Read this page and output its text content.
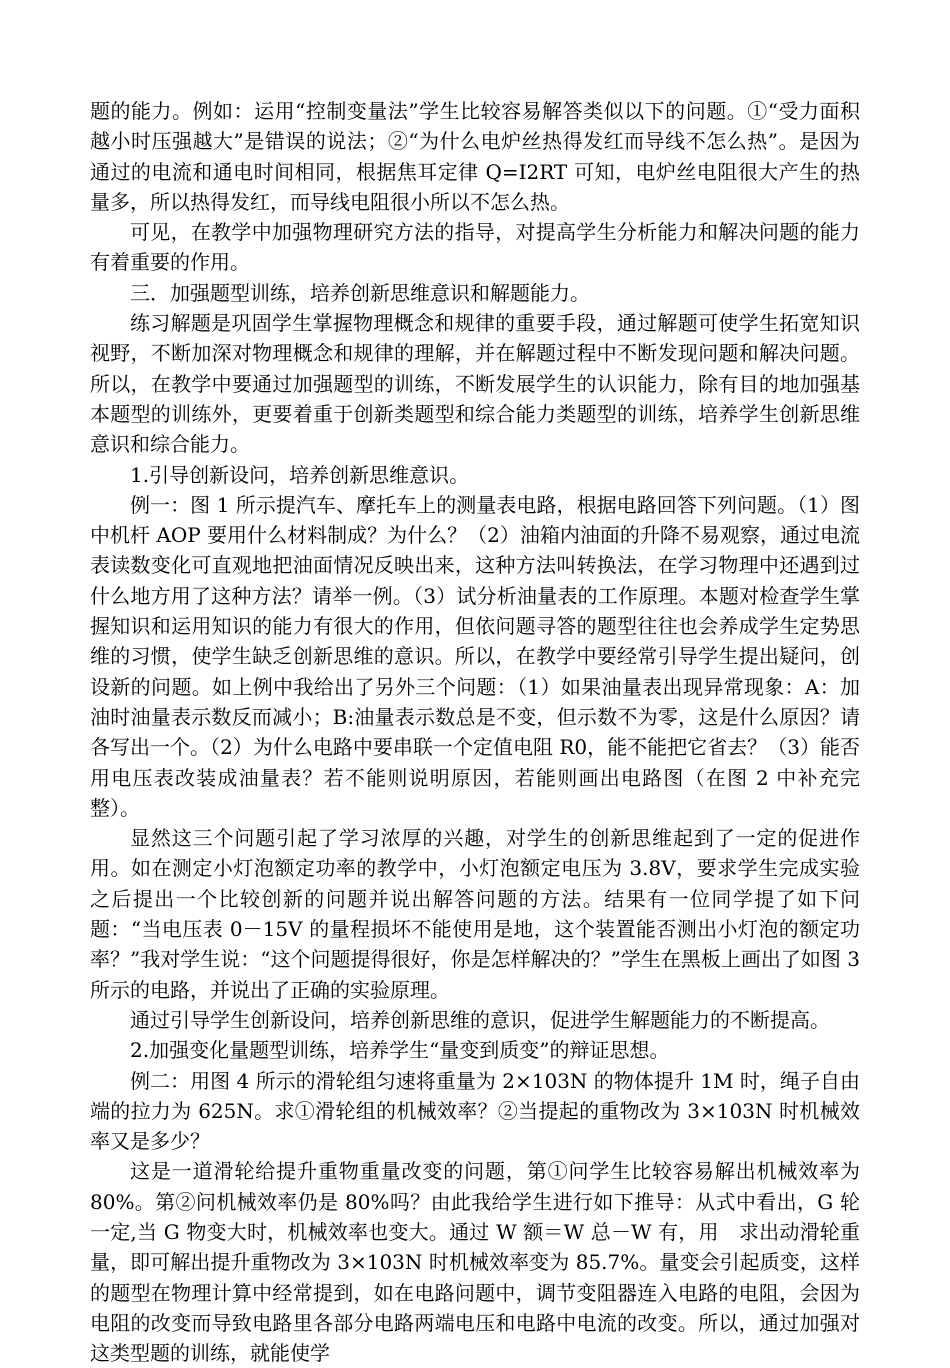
题的能力。例如：运用“控制变量法”学生比较容易解答类似以下的问题。①“受力面积越小时压强越大”是错误的说法；②“为什么电炉丝热得发红而导线不怎么热”。是因为通过的电流和通电时间相同，根据焦耳定律 Q=I2RT 可知，电炉丝电阻很大产生的热量多，所以热得发红，而导线电阻很小所以不怎么热。

可见，在教学中加强物理研究方法的指导，对提高学生分析能力和解决问题的能力有着重要的作用。

三．加强题型训练，培养创新思维意识和解题能力。

练习解题是巩固学生掌握物理概念和规律的重要手段，通过解题可使学生拓宽知识视野，不断加深对物理概念和规律的理解，并在解题过程中不断发现问题和解决问题。所以，在教学中要通过加强题型的训练，不断发展学生的认识能力，除有目的地加强基本题型的训练外，更要着重于创新类题型和综合能力类题型的训练，培养学生创新思维意识和综合能力。

1.引导创新设问，培养创新思维意识。

例一：图 1 所示提汽车、摩托车上的测量表电路，根据电路回答下列问题。（1）图中机杆 AOP 要用什么材料制成？为什么？（2）油箱内油面的升降不易观察，通过电流表读数变化可直观地把油面情况反映出来，这种方法叫转换法，在学习物理中还遇到过什么地方用了这种方法？请举一例。（3）试分析油量表的工作原理。本题对检查学生掌握知识和运用知识的能力有很大的作用，但依问题寻答的题型往往也会养成学生定势思维的习惯，使学生缺乏创新思维的意识。所以，在教学中要经常引导学生提出疑问，创设新的问题。如上例中我给出了另外三个问题：（1）如果油量表出现异常现象：A：加油时油量表示数反而减小；B:油量表示数总是不变，但示数不为零，这是什么原因？请各写出一个。（2）为什么电路中要串联一个定值电阻 R0，能不能把它省去？（3）能否用电压表改装成油量表？若不能则说明原因，若能则画出电路图（在图 2 中补充完整）。

显然这三个问题引起了学习浓厚的兴趣，对学生的创新思维起到了一定的促进作用。如在测定小灯泡额定功率的教学中，小灯泡额定电压为 3.8V，要求学生完成实验之后提出一个比较创新的问题并说出解答问题的方法。结果有一位同学提了如下问题：“当电压表 0－15V 的量程损坏不能使用是地，这个装置能否测出小灯泡的额定功率？”我对学生说：“这个问题提得很好，你是怎样解决的？”学生在黑板上画出了如图 3 所示的电路，并说出了正确的实验原理。

通过引导学生创新设问，培养创新思维的意识，促进学生解题能力的不断提高。

2.加强变化量题型训练，培养学生“量变到质变”的辩证思想。

例二：用图 4 所示的滑轮组匀速将重量为 2×103N 的物体提升 1M 时，绳子自由端的拉力为 625N。求①滑轮组的机械效率？②当提起的重物改为 3×103N 时机械效率又是多少？

这是一道滑轮给提升重物重量改变的问题，第①问学生比较容易解出机械效率为 80%。第②问机械效率仍是 80%吗？由此我给学生进行如下推导：从式中看出，G 轮一定,当 G 物变大时，机械效率也变大。通过 W 额＝W 总－W 有，用　求出动滑轮重量，即可解出提升重物改为 3×103N 时机械效率变为 85.7%。量变会引起质变，这样的题型在物理计算中经常提到，如在电路问题中，调节变阻器连入电路的电阻，会因为电阻的改变而导致电路里各部分电路两端电压和电路中电流的改变。所以，通过加强对这类型题的训练，就能使学
